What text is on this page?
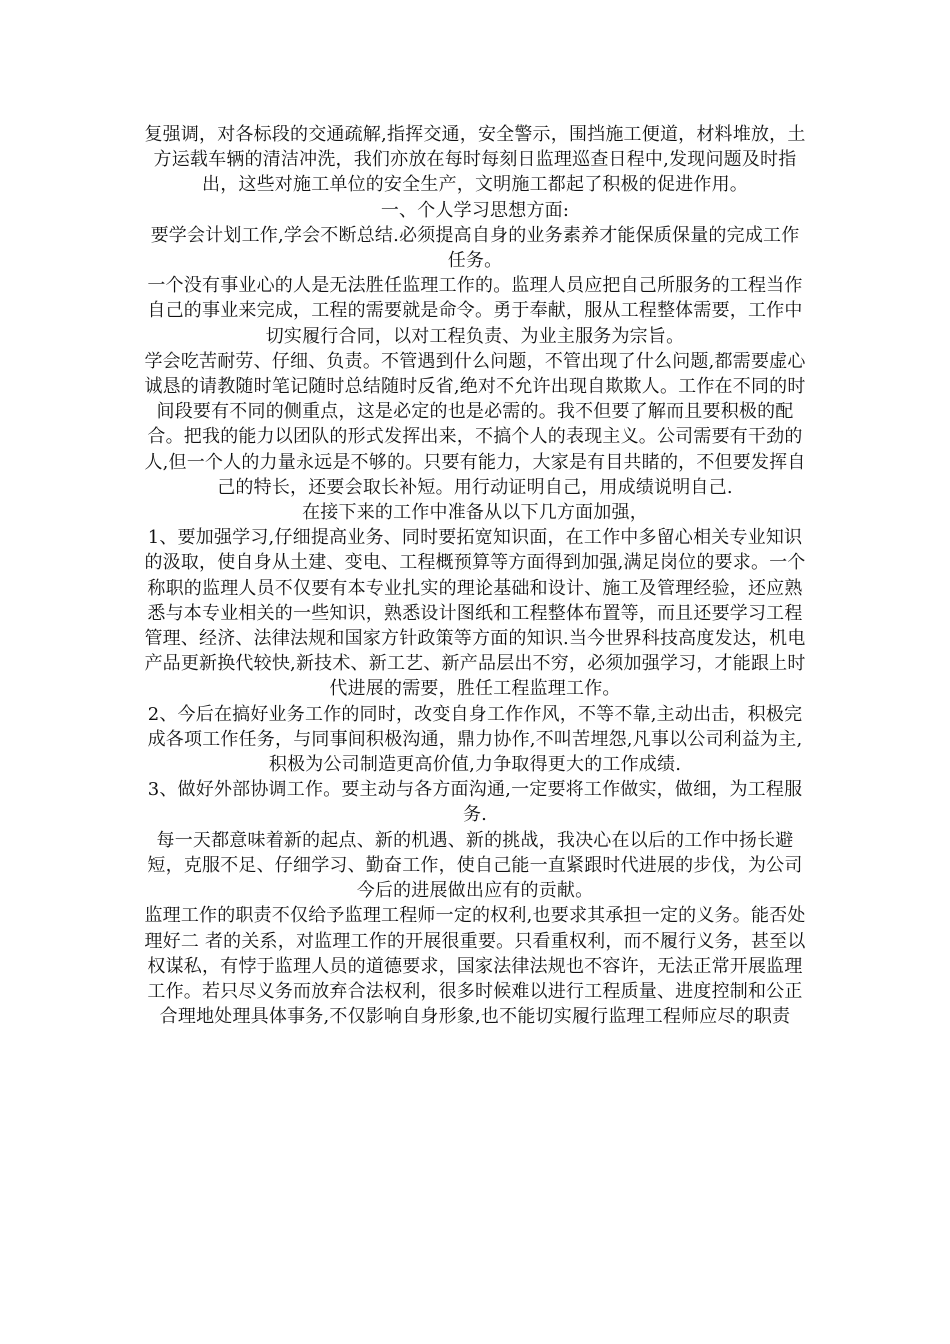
复强调，对各标段的交通疏解,指挥交通，安全警示，围挡施工便道，材料堆放，土方运载车辆的清洁冲洗，我们亦放在每时每刻日监理巡查日程中,发现问题及时指出，这些对施工单位的安全生产，文明施工都起了积极的促进作用。

一、个人学习思想方面:

要学会计划工作,学会不断总结.必须提高自身的业务素养才能保质保量的完成工作任务。

一个没有事业心的人是无法胜任监理工作的。监理人员应把自己所服务的工程当作自己的事业来完成，工程的需要就是命令。勇于奉献，服从工程整体需要，工作中切实履行合同，以对工程负责、为业主服务为宗旨。

学会吃苦耐劳、仔细、负责。不管遇到什么问题，不管出现了什么问题,都需要虚心诚恳的请教随时笔记随时总结随时反省,绝对不允许出现自欺欺人。工作在不同的时间段要有不同的侧重点，这是必定的也是必需的。我不但要了解而且要积极的配合。把我的能力以团队的形式发挥出来，不搞个人的表现主义。公司需要有干劲的人,但一个人的力量永远是不够的。只要有能力，大家是有目共睹的，不但要发挥自己的特长，还要会取长补短。用行动证明自己，用成绩说明自己.

在接下来的工作中准备从以下几方面加强，

1、要加强学习,仔细提高业务、同时要拓宽知识面，在工作中多留心相关专业知识的汲取，使自身从土建、变电、工程概预算等方面得到加强,满足岗位的要求。一个称职的监理人员不仅要有本专业扎实的理论基础和设计、施工及管理经验，还应熟悉与本专业相关的一些知识，熟悉设计图纸和工程整体布置等，而且还要学习工程管理、经济、法律法规和国家方针政策等方面的知识.当今世界科技高度发达，机电产品更新换代较快,新技术、新工艺、新产品层出不穷，必须加强学习，才能跟上时代进展的需要，胜任工程监理工作。

2、今后在搞好业务工作的同时，改变自身工作作风，不等不靠,主动出击，积极完成各项工作任务，与同事间积极沟通，鼎力协作,不叫苦埋怨,凡事以公司利益为主,积极为公司制造更高价值,力争取得更大的工作成绩.

3、做好外部协调工作。要主动与各方面沟通,一定要将工作做实，做细，为工程服务.

每一天都意味着新的起点、新的机遇、新的挑战，我决心在以后的工作中扬长避短，克服不足、仔细学习、勤奋工作，使自己能一直紧跟时代进展的步伐，为公司今后的进展做出应有的贡献。

监理工作的职责不仅给予监理工程师一定的权利,也要求其承担一定的义务。能否处理好二 者的关系，对监理工作的开展很重要。只看重权利，而不履行义务，甚至以权谋私，有悖于监理人员的道德要求，国家法律法规也不容许，无法正常开展监理工作。若只尽义务而放弃合法权利，很多时候难以进行工程质量、进度控制和公正合理地处理具体事务,不仅影响自身形象,也不能切实履行监理工程师应尽的职责
